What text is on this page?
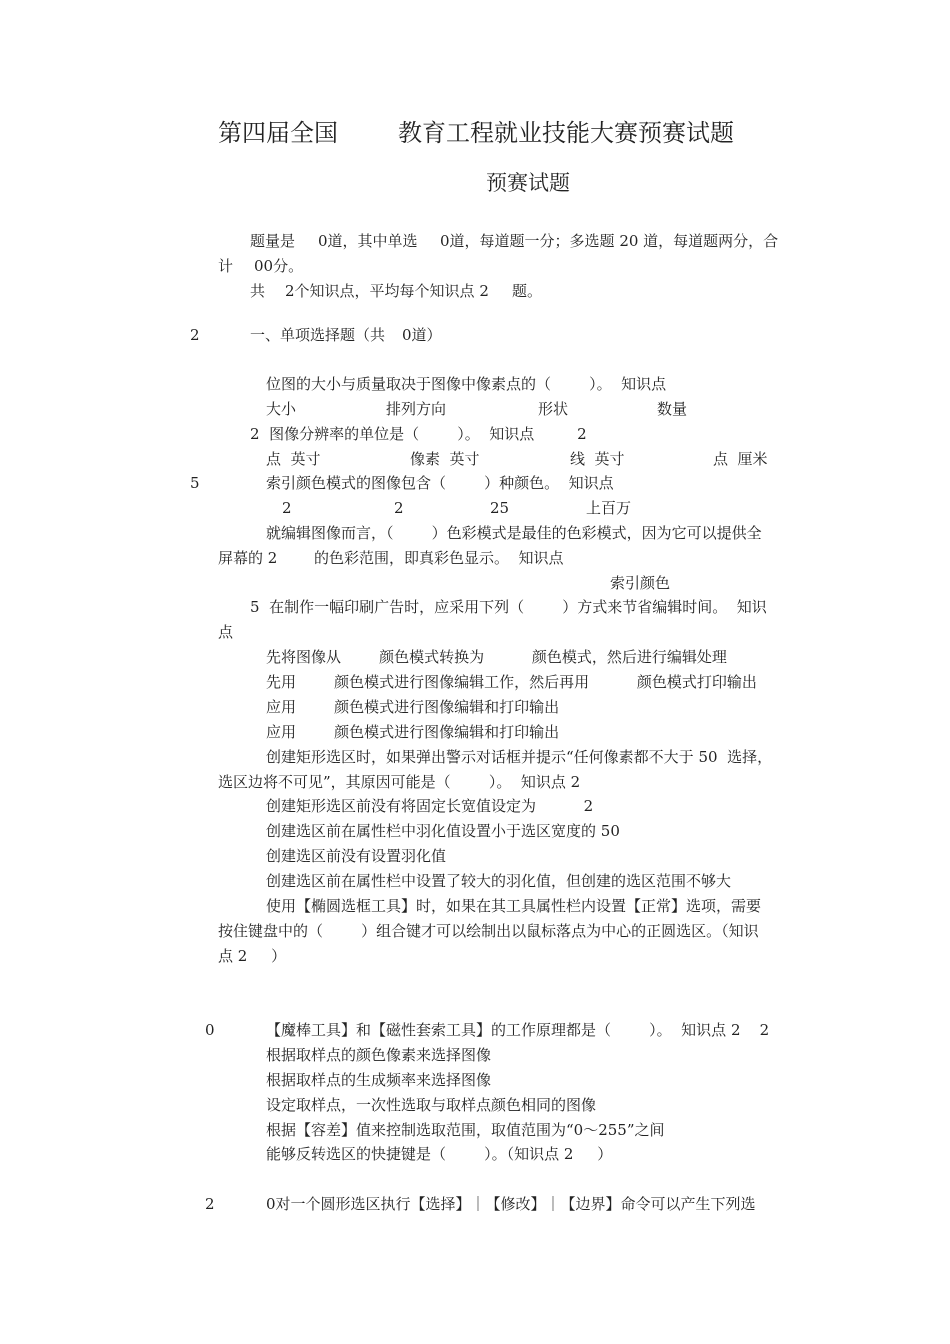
第四届全国	教育工程就业技能大赛预赛试题
预赛试题
题量是 0道，其中单选 0道，每道题一分；多选题 20 道，每道题两分，合
计 00分。
共 2个知识点，平均每个知识点 2 题。
2	一、单项选择题（共 0道）
位图的大小与质量取决于图像中像素点的（        ）。  知识点
大小	排列方向	形状	数量
2  图像分辨率的单位是（        ）。  知识点         2
点  英寸	像素  英寸	线  英寸	点  厘米
5	索引颜色模式的图像包含（        ）种颜色。  知识点
2	2	25	上百万
就编辑图像而言，（        ）色彩模式是最佳的色彩模式，因为它可以提供全
屏幕的 2 的色彩范围，即真彩色显示。  知识点
索引颜色
5  在制作一幅印刷广告时，应采用下列（        ）方式来节省编辑时间。  知识
点
先将图像从        颜色模式转换为          颜色模式，然后进行编辑处理
先用        颜色模式进行图像编辑工作，然后再用          颜色模式打印输出
应用        颜色模式进行图像编辑和打印输出
应用        颜色模式进行图像编辑和打印输出
创建矩形选区时，如果弹出警示对话框并提示“任何像素都不大于 50  选择，
选区边将不可见”，其原因可能是（        ）。  知识点 2
创建矩形选区前没有将固定长宽值设定为          2
创建选区前在属性栏中羽化值设置小于选区宽度的 50
创建选区前没有设置羽化值
创建选区前在属性栏中设置了较大的羽化值，但创建的选区范围不够大
使用【椭圆选框工具】时，如果在其工具属性栏内设置【正常】选项，需要
按住键盘中的（        ）组合键才可以绘制出以鼠标落点为中心的正圆选区。（知识
点 2     ）
0	【魔棒工具】和【磁性套索工具】的工作原理都是（        ）。  知识点 2    2
根据取样点的颜色像素来选择图像
根据取样点的生成频率来选择图像
设定取样点，一次性选取与取样点颜色相同的图像
根据【容差】值来控制选取范围，取值范围为“0～255”之间
能够反转选区的快捷键是（        ）。（知识点 2     ）
2	0对一个圆形选区执行【选择】｜【修改】｜【边界】命令可以产生下列选
